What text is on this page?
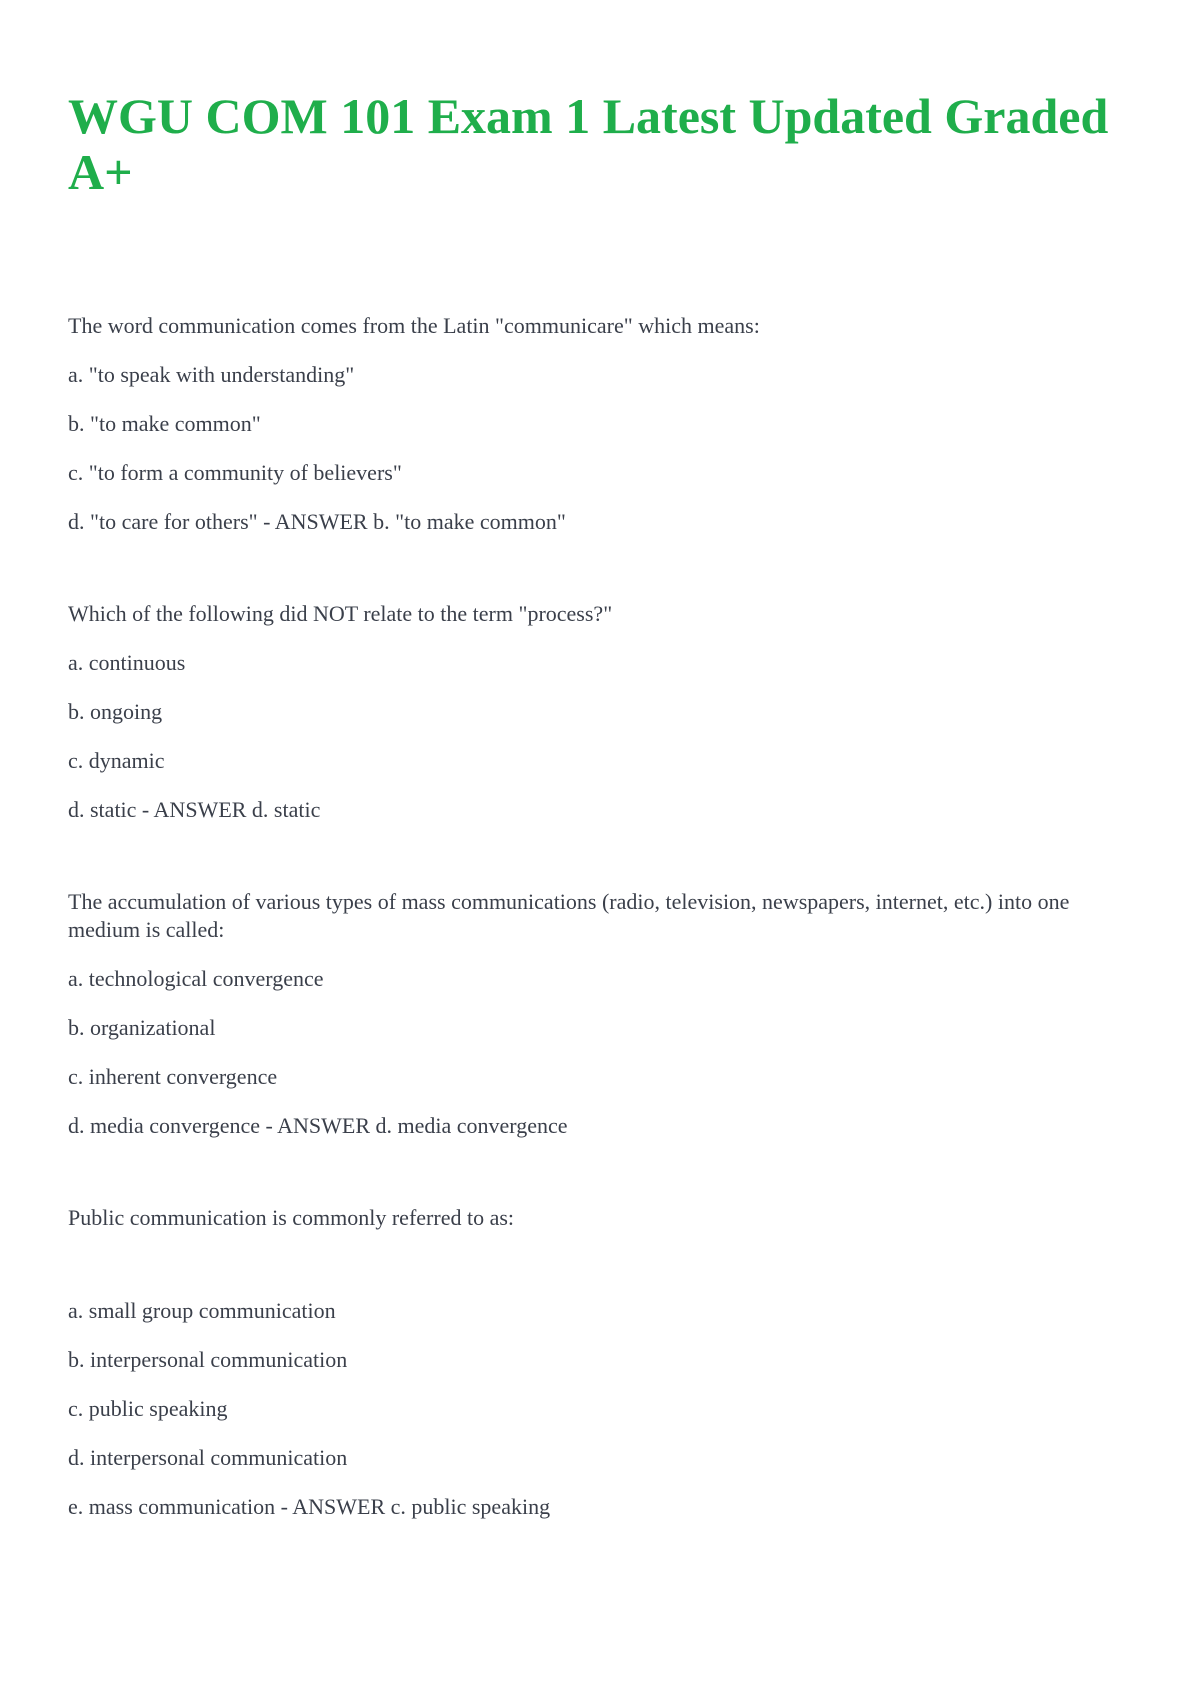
WGU COM 101 Exam 1 Latest Updated Graded A+

The word communication comes from the Latin "communicare" which means:

a. "to speak with understanding"

b. "to make common"

c. "to form a community of believers"

d. "to care for others" - ANSWER b. "to make common"

Which of the following did NOT relate to the term "process?"

a. continuous

b. ongoing

c. dynamic

d. static - ANSWER d. static

The accumulation of various types of mass communications (radio, television, newspapers, internet, etc.) into one medium is called:

a. technological convergence

b. organizational

c. inherent convergence

d. media convergence - ANSWER d. media convergence

Public communication is commonly referred to as:

a. small group communication

b. interpersonal communication

c. public speaking

d. interpersonal communication

e. mass communication - ANSWER c. public speaking
